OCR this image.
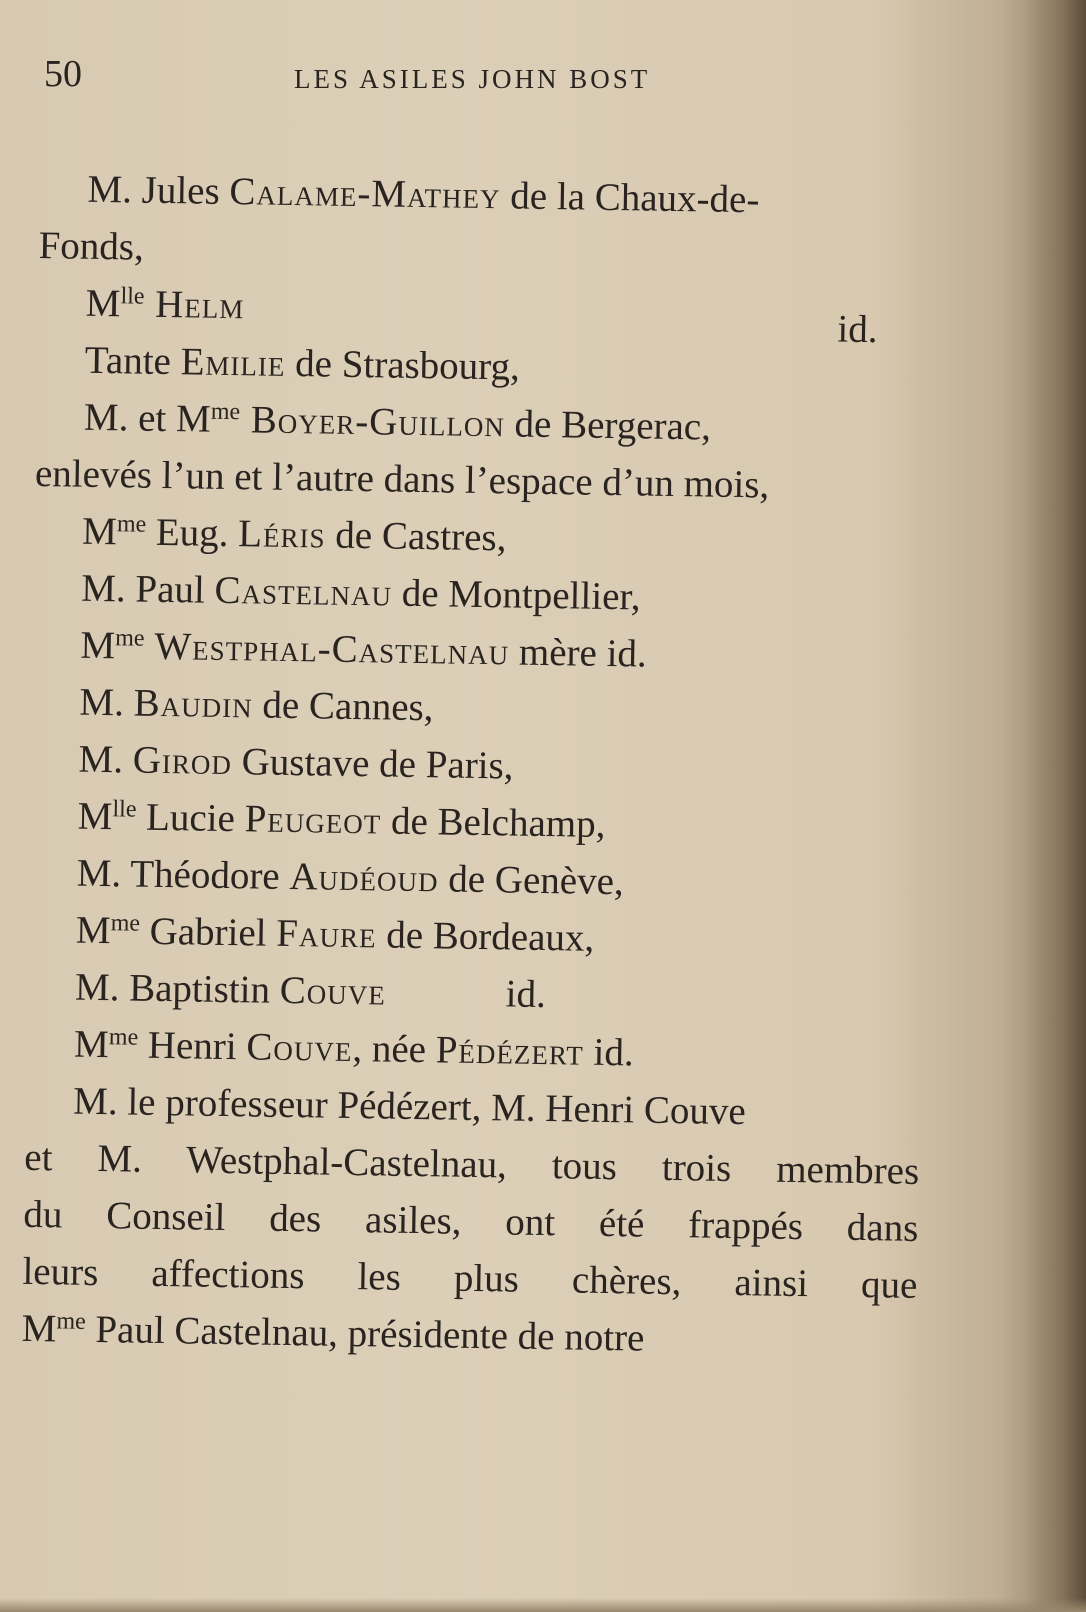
50	LES ASILES JOHN BOST
M. Jules Calame-Mathey de la Chaux-de-
Fonds,
$M^{lle}$ Helm
id.
Tante Emilie de Strasbourg,
M. et $M^{me}$ Boyer-Guillon de Bergerac,
enlevés l’un et l’autre dans l’espace d’un mois,
$M^{me}$ Eug. Léris de Castres,
M. Paul Castelnau de Montpellier,
$M^{me}$ Westphal-Castelnau mère id.
M. Baudin de Cannes,
M. Girod Gustave de Paris,
$M^{lle}$ Lucie Peugeot de Belchamp,
M. Théodore Audéoud de Genève,
$M^{me}$ Gabriel Faure de Bordeaux,
M. Baptistin Couve	id.
$M^{me}$ Henri Couve, née Pédézert id.
M. le professeur Pédézert, M. Henri Couve
et M. Westphal-Castelnau, tous trois membres
du Conseil des asiles, ont été frappés dans
leurs affections les plus chères, ainsi que
$M^{me}$ Paul Castelnau, présidente de notre
